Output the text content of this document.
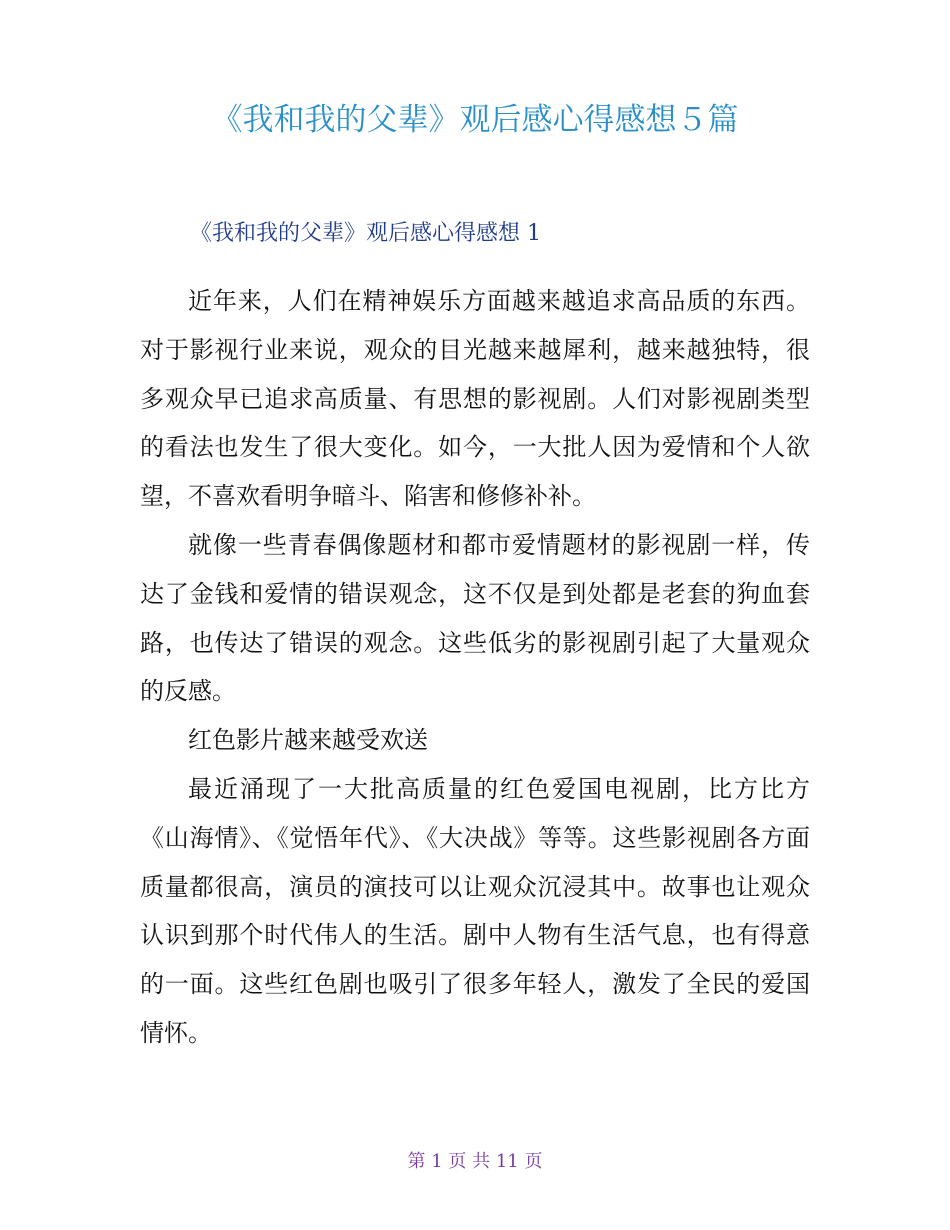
《我和我的父辈》观后感心得感想５篇
《我和我的父辈》观后感心得感想 1

近年来，人们在精神娱乐方面越来越追求高品质的东西。对于影视行业来说，观众的目光越来越犀利，越来越独特，很多观众早已追求高质量、有思想的影视剧。人们对影视剧类型的看法也发生了很大变化。如今，一大批人因为爱情和个人欲望，不喜欢看明争暗斗、陷害和修修补补。

就像一些青春偶像题材和都市爱情题材的影视剧一样，传达了金钱和爱情的错误观念，这不仅是到处都是老套的狗血套路，也传达了错误的观念。这些低劣的影视剧引起了大量观众的反感。

红色影片越来越受欢送

最近涌现了一大批高质量的红色爱国电视剧，比方比方《山海情》、《觉悟年代》、《大决战》等等。这些影视剧各方面质量都很高，演员的演技可以让观众沉浸其中。故事也让观众认识到那个时代伟人的生活。剧中人物有生活气息，也有得意的一面。这些红色剧也吸引了很多年轻人，激发了全民的爱国情怀。

第 1 页 共 11 页
